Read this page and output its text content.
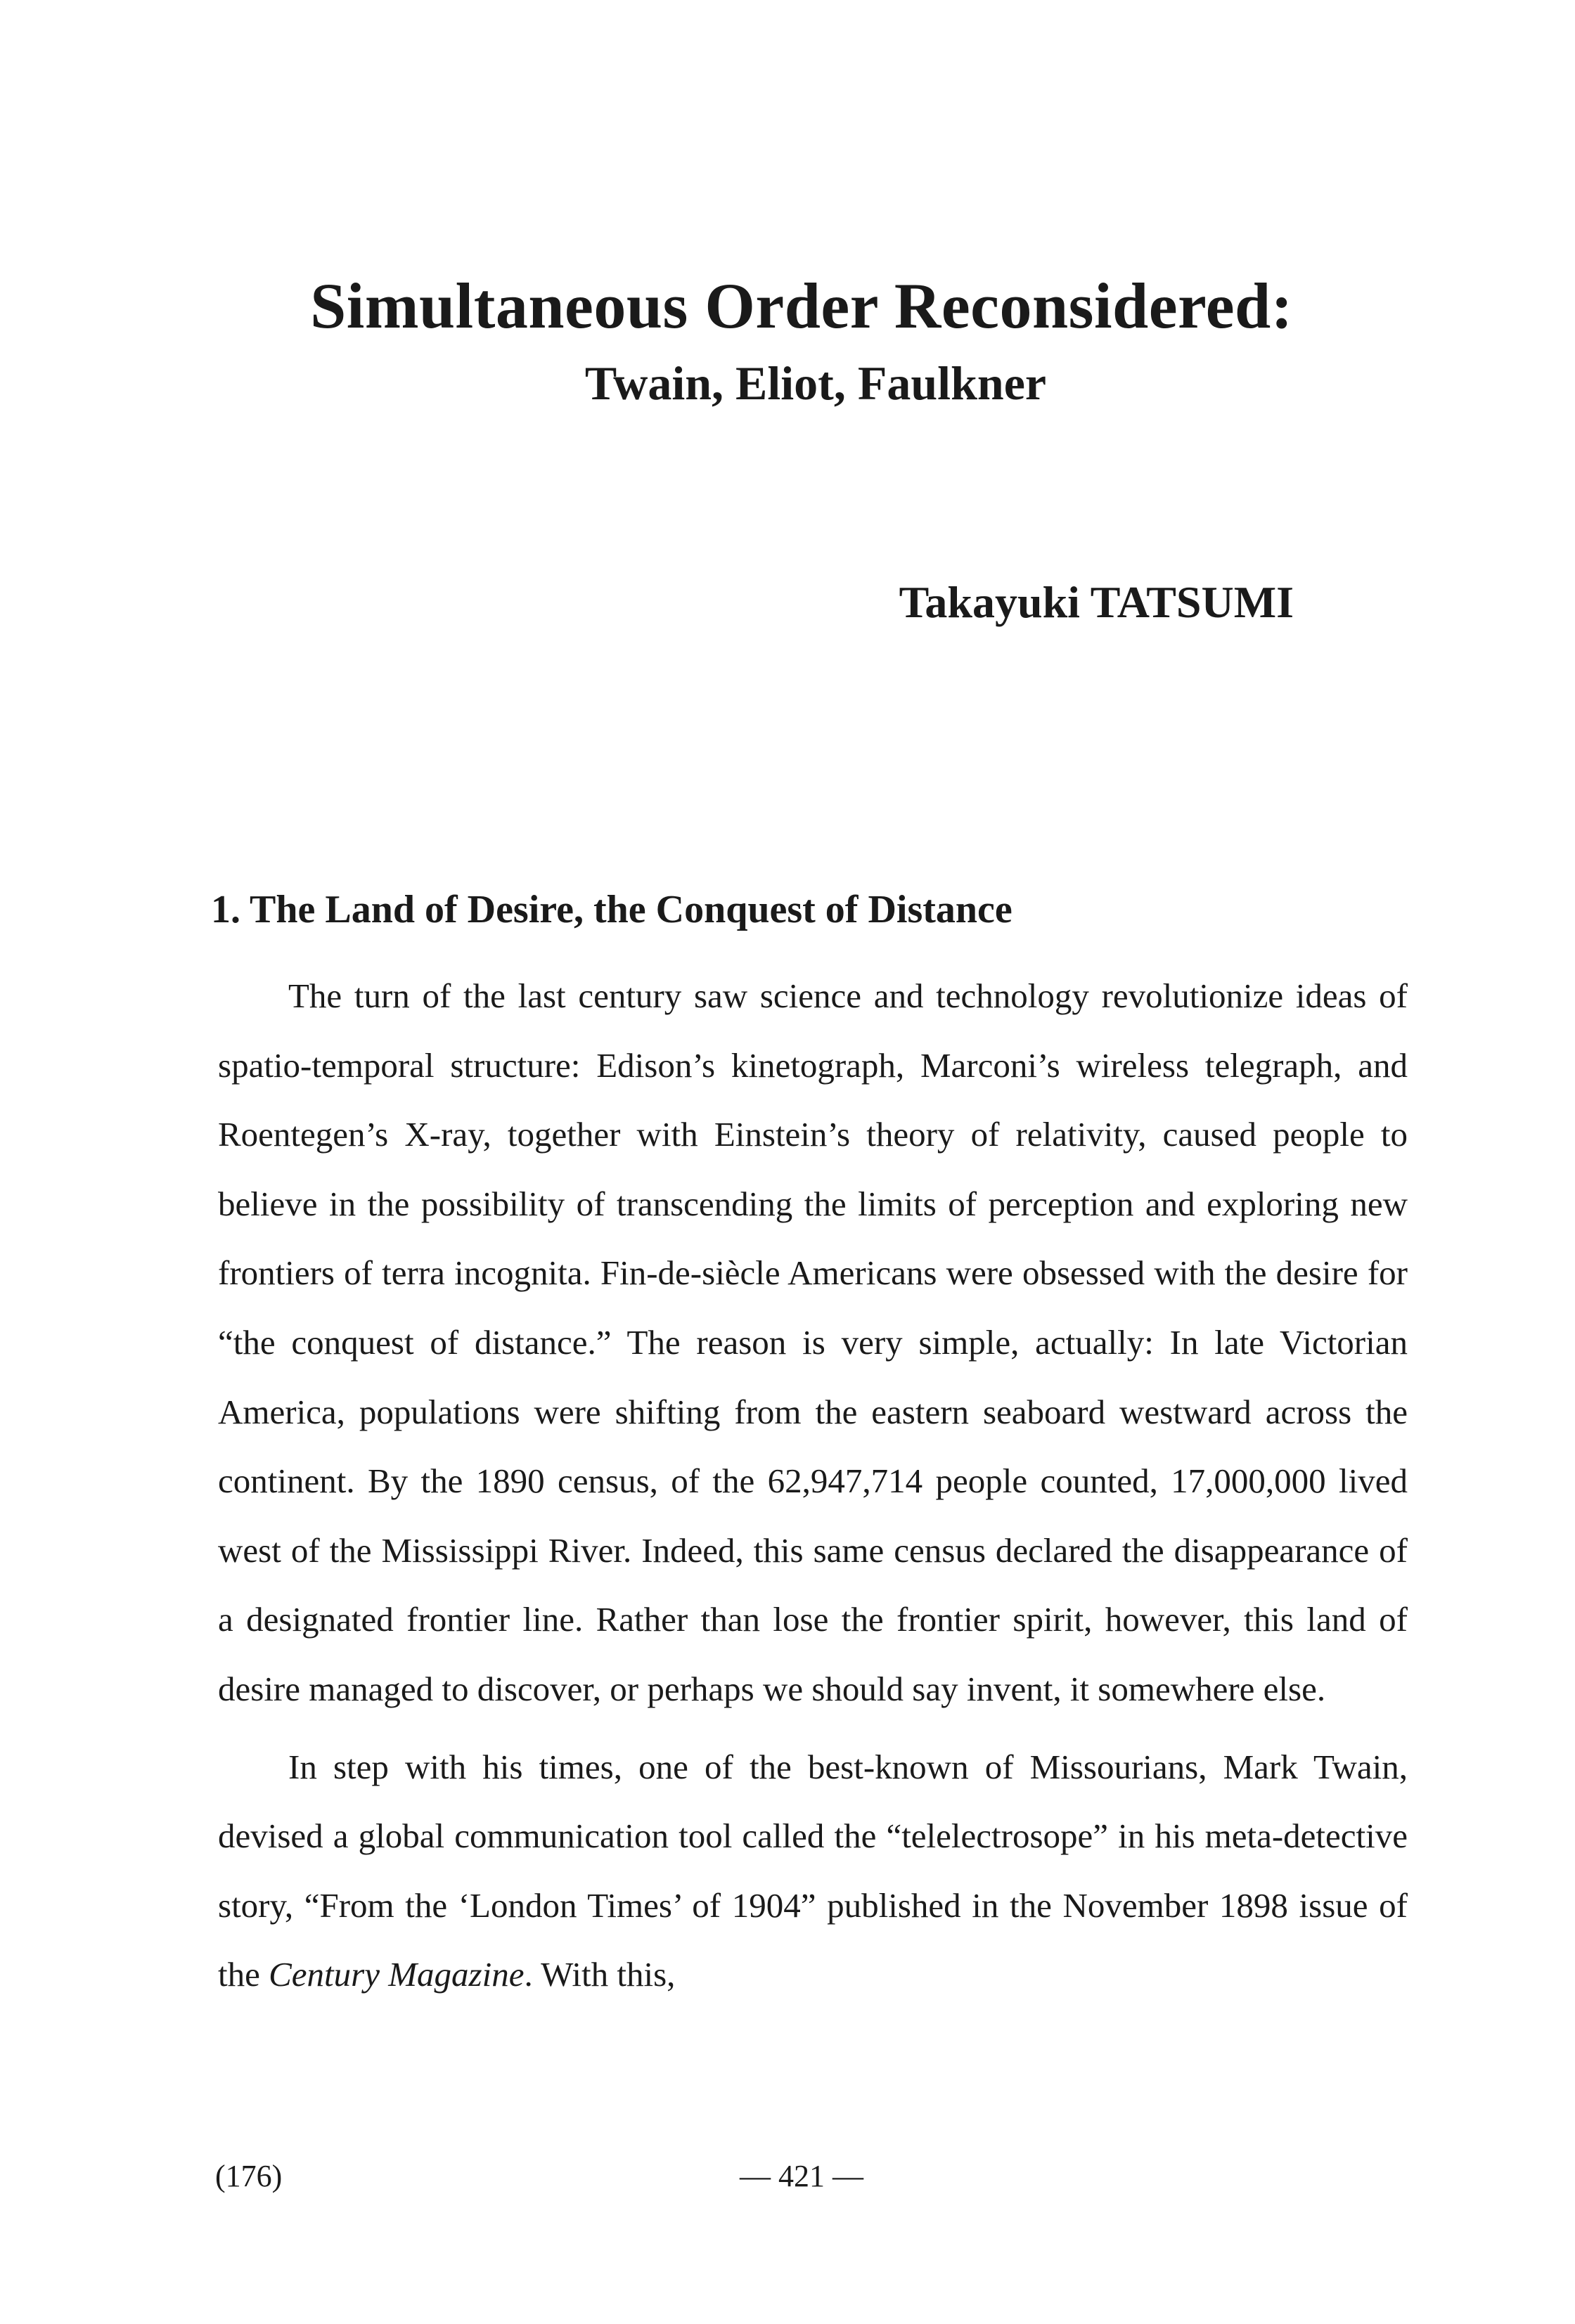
Simultaneous Order Reconsidered:
Twain, Eliot, Faulkner

Takayuki TATSUMI

1. The Land of Desire, the Conquest of Distance

The turn of the last century saw science and technology revolutionize ideas of spatio-temporal structure: Edison’s kinetograph, Marconi’s wireless telegraph, and Roentegen’s X-ray, together with Einstein’s theory of relativity, caused people to believe in the possibility of transcending the limits of perception and exploring new frontiers of terra incognita. Fin-de-siècle Americans were obsessed with the desire for “the conquest of distance.” The reason is very simple, actually: In late Victorian America, populations were shifting from the eastern seaboard westward across the continent. By the 1890 census, of the 62,947,714 people counted, 17,000,000 lived west of the Mississippi River. Indeed, this same census declared the disappearance of a designated frontier line. Rather than lose the frontier spirit, however, this land of desire managed to discover, or perhaps we should say invent, it somewhere else.

In step with his times, one of the best-known of Missourians, Mark Twain, devised a global communication tool called the “telelectrosope” in his meta-detective story, “From the ‘London Times’ of 1904” published in the November 1898 issue of the Century Magazine. With this,

(176)	— 421 —
